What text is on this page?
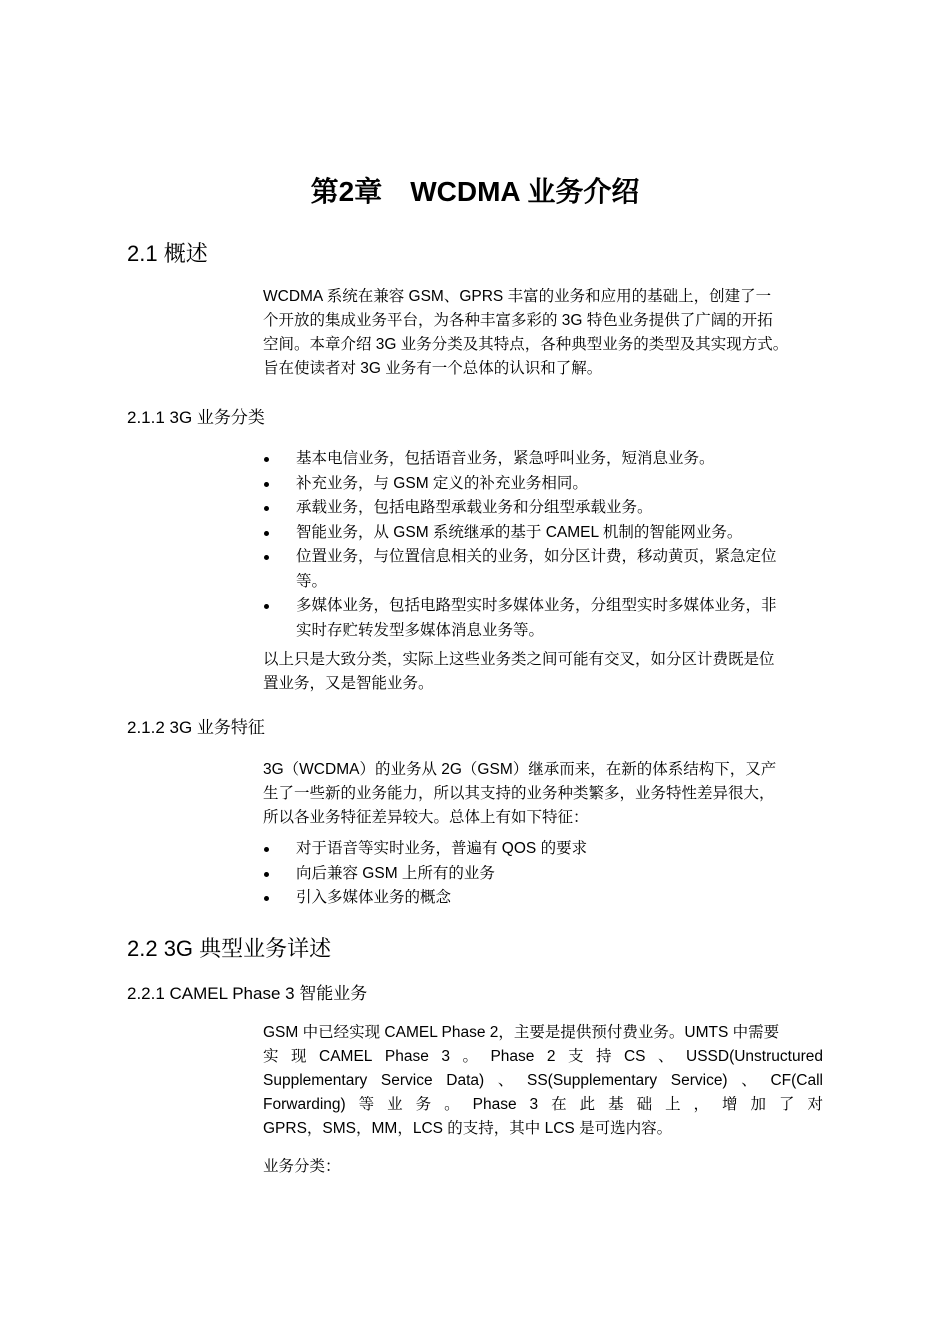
第2章　WCDMA 业务介绍
2.1 概述
WCDMA 系统在兼容 GSM、GPRS 丰富的业务和应用的基础上，创建了一
个开放的集成业务平台，为各种丰富多彩的 3G 特色业务提供了广阔的开拓
空间。本章介绍 3G 业务分类及其特点，各种典型业务的类型及其实现方式。
旨在使读者对 3G 业务有一个总体的认识和了解。
2.1.1 3G 业务分类
基本电信业务，包括语音业务，紧急呼叫业务，短消息业务。
补充业务，与 GSM 定义的补充业务相同。
承载业务，包括电路型承载业务和分组型承载业务。
智能业务，从 GSM 系统继承的基于 CAMEL 机制的智能网业务。
位置业务，与位置信息相关的业务，如分区计费，移动黄页，紧急定位
等。
多媒体业务，包括电路型实时多媒体业务，分组型实时多媒体业务，非
实时存贮转发型多媒体消息业务等。
以上只是大致分类，实际上这些业务类之间可能有交叉，如分区计费既是位
置业务，又是智能业务。
2.1.2 3G 业务特征
3G（WCDMA）的业务从 2G（GSM）继承而来，在新的体系结构下，又产
生了一些新的业务能力，所以其支持的业务种类繁多，业务特性差异很大，
所以各业务特征差异较大。总体上有如下特征：
对于语音等实时业务，普遍有 QOS 的要求
向后兼容 GSM 上所有的业务
引入多媒体业务的概念
2.2 3G 典型业务详述
2.2.1 CAMEL Phase 3 智能业务
GSM 中已经实现 CAMEL Phase 2，主要是提供预付费业务。UMTS 中需要
实 现 CAMEL Phase 3 。 Phase 2 支 持 CS 、 USSD(Unstructured
Supplementary Service Data) 、 SS(Supplementary Service) 、 CF(Call
Forwarding) 等 业 务 。 Phase 3 在 此 基 础 上 ， 增 加 了 对
GPRS，SMS，MM，LCS 的支持，其中 LCS 是可选内容。
业务分类：
